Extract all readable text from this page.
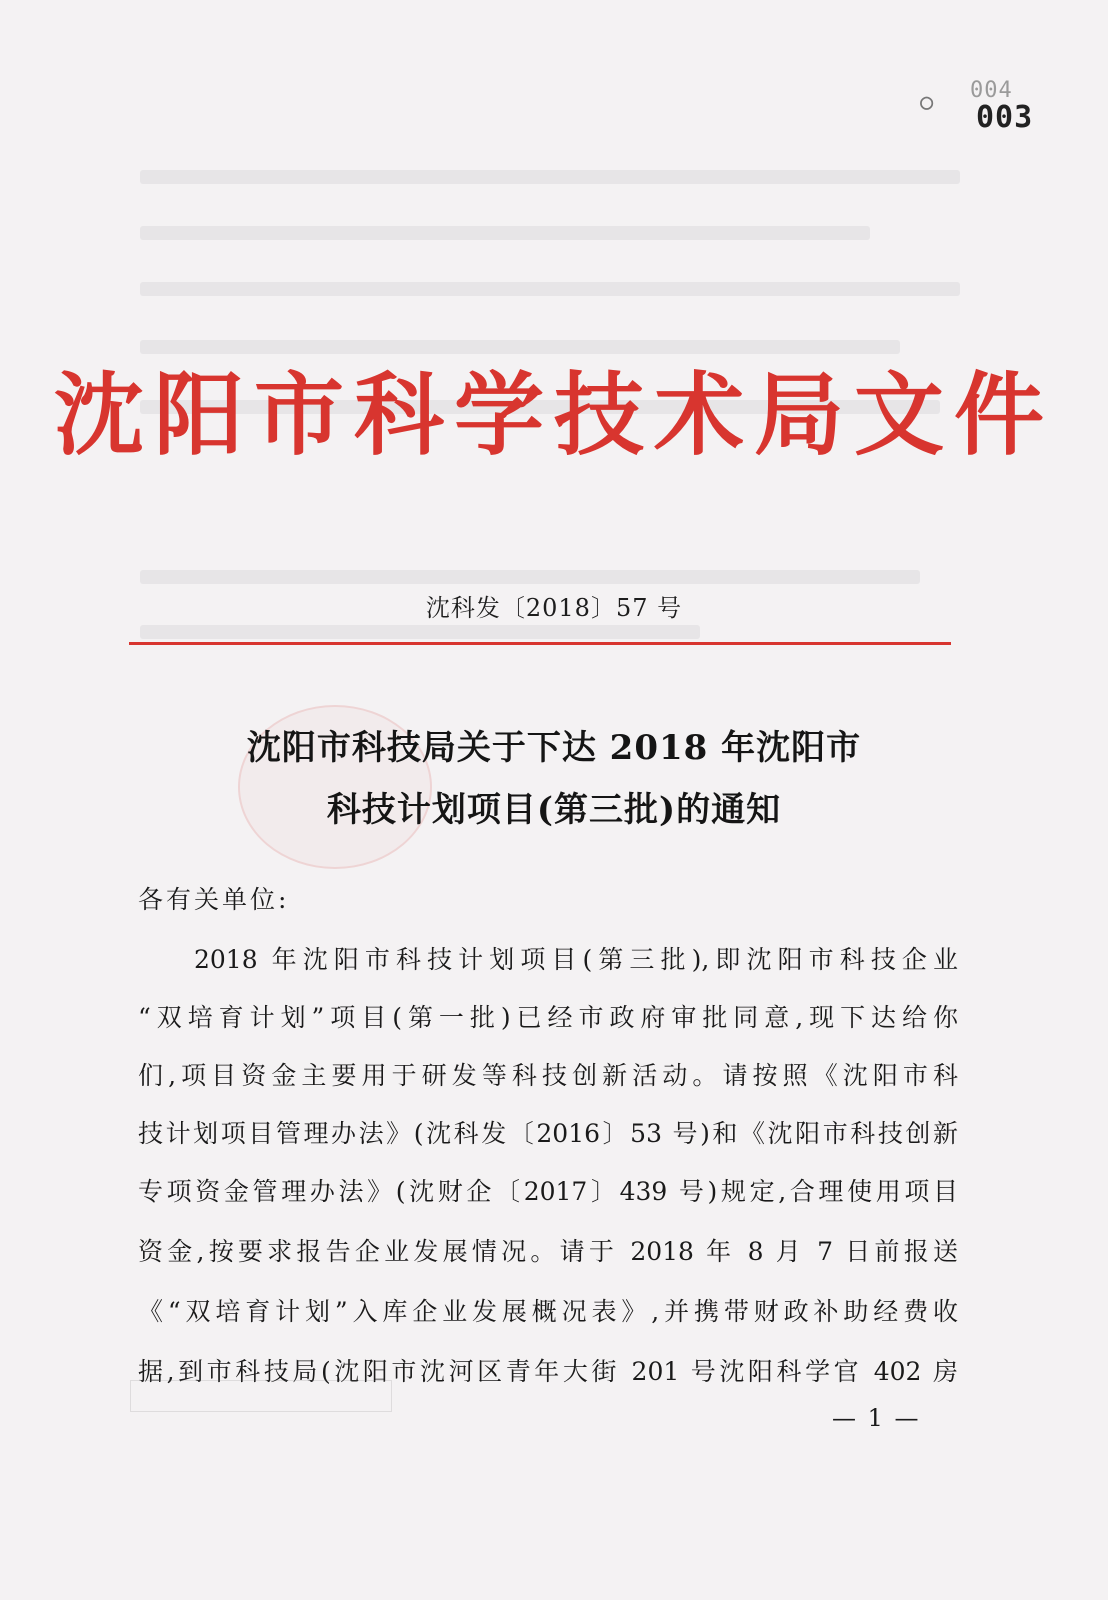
○ 004
003
沈阳市科学技术局文件
沈科发〔2018〕57 号
沈阳市科技局关于下达 2018 年沈阳市
科技计划项目(第三批)的通知
各有关单位:
2018 年沈阳市科技计划项目(第三批),即沈阳市科技企业
“双培育计划”项目(第一批)已经市政府审批同意,现下达给你
们,项目资金主要用于研发等科技创新活动。请按照《沈阳市科
技计划项目管理办法》(沈科发〔2016〕53 号)和《沈阳市科技创新
专项资金管理办法》(沈财企〔2017〕439 号)规定,合理使用项目
资金,按要求报告企业发展情况。请于 2018 年 8 月 7 日前报送
《“双培育计划”入库企业发展概况表》,并携带财政补助经费收
据,到市科技局(沈阳市沈河区青年大街 201 号沈阳科学官 402 房
— 1 —
